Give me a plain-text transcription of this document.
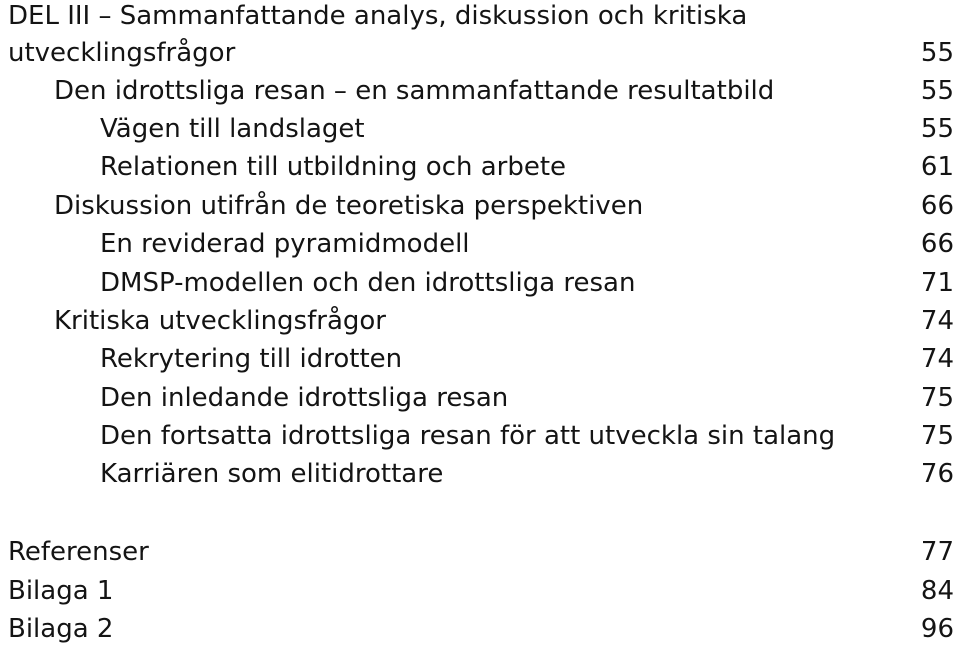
DEL III – Sammanfattande analys, diskussion och kritiska
utvecklingsfrågor	55
Den idrottsliga resan – en sammanfattande resultatbild	55
Vägen till landslaget	55
Relationen till utbildning och arbete	61
Diskussion utifrån de teoretiska perspektiven	66
En reviderad pyramidmodell	66
DMSP-modellen och den idrottsliga resan	71
Kritiska utvecklingsfrågor	74
Rekrytering till idrotten	74
Den inledande idrottsliga resan	75
Den fortsatta idrottsliga resan för att utveckla sin talang	75
Karriären som elitidrottare	76
Referenser	77
Bilaga 1	84
Bilaga 2	96
